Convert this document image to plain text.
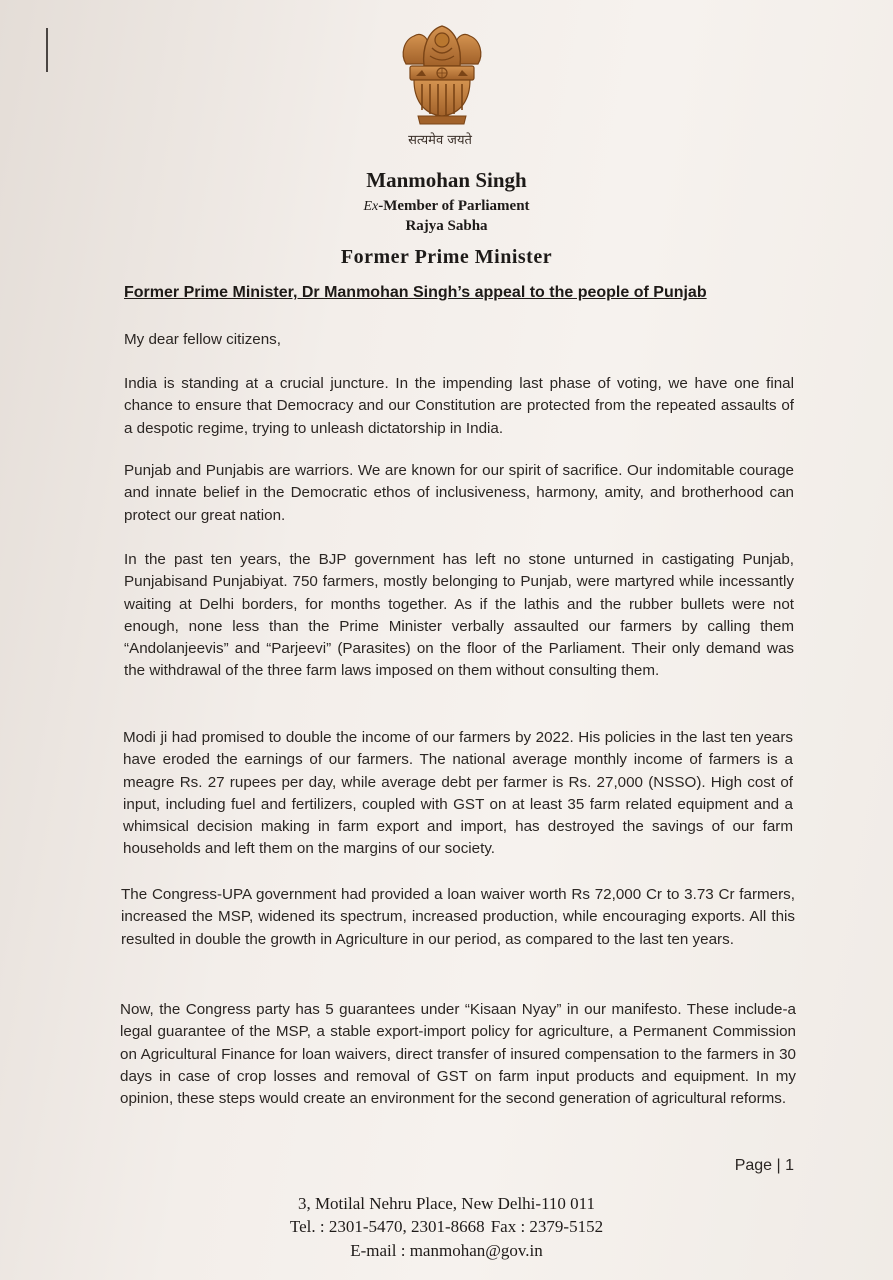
सत्यमेव जयते
Manmohan Singh
Ex-Member of Parliament
Rajya Sabha
Former Prime Minister
Former Prime Minister, Dr Manmohan Singh’s appeal to the people of Punjab
My dear fellow citizens,
India is standing at a crucial juncture. In the impending last phase of voting, we have one final chance to ensure that Democracy and our Constitution are protected from the repeated assaults of a despotic regime, trying to unleash dictatorship in India.
Punjab and Punjabis are warriors. We are known for our spirit of sacrifice. Our indomitable courage and innate belief in the Democratic ethos of inclusiveness, harmony, amity, and brotherhood can protect our great nation.
In the past ten years, the BJP government has left no stone unturned in castigating Punjab, Punjabisand Punjabiyat. 750 farmers, mostly belonging to Punjab, were martyred while incessantly waiting at Delhi borders, for months together. As if the lathis and the rubber bullets were not enough, none less than the Prime Minister verbally assaulted our farmers by calling them “Andolanjeevis” and “Parjeevi” (Parasites) on the floor of the Parliament. Their only demand was the withdrawal of the three farm laws imposed on them without consulting them.
Modi ji had promised to double the income of our farmers by 2022. His policies in the last ten years have eroded the earnings of our farmers. The national average monthly income of farmers is a meagre Rs. 27 rupees per day, while average debt per farmer is Rs. 27,000 (NSSO). High cost of input, including fuel and fertilizers, coupled with GST on at least 35 farm related equipment and a whimsical decision making in farm export and import, has destroyed the savings of our farm households and left them on the margins of our society.
The Congress-UPA government had provided a loan waiver worth Rs 72,000 Cr to 3.73 Cr farmers, increased the MSP, widened its spectrum, increased production, while encouraging exports. All this resulted in double the growth in Agriculture in our period, as compared to the last ten years.
Now, the Congress party has 5 guarantees under “Kisaan Nyay” in our manifesto. These include-a legal guarantee of the MSP, a stable export-import policy for agriculture, a Permanent Commission on Agricultural Finance for loan waivers, direct transfer of insured compensation to the farmers in 30 days in case of crop losses and removal of GST on farm input products and equipment. In my opinion, these steps would create an environment for the second generation of agricultural reforms.
Page | 1
3, Motilal Nehru Place, New Delhi-110 011
Tel. : 2301-5470, 2301-8668 Fax : 2379-5152
E-mail : manmohan@gov.in
